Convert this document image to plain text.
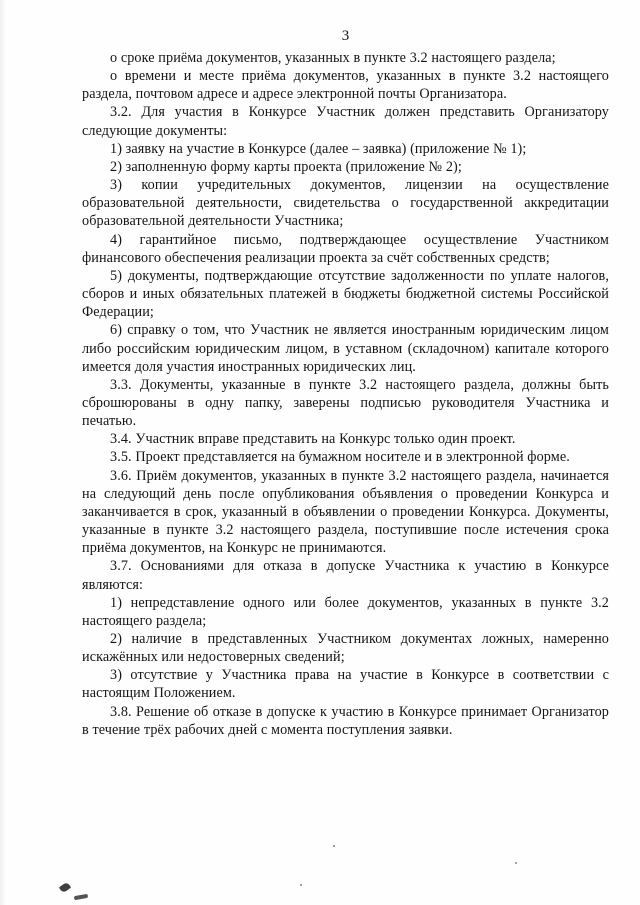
3

о сроке приёма документов, указанных в пункте 3.2 настоящего раздела;

о времени и месте приёма документов, указанных в пункте 3.2 настоящего раздела, почтовом адресе и адресе электронной почты Организатора.

3.2. Для участия в Конкурсе Участник должен представить Организатору следующие документы:

1) заявку на участие в Конкурсе (далее – заявка) (приложение № 1);

2) заполненную форму карты проекта (приложение № 2);

3) копии учредительных документов, лицензии на осуществление образовательной деятельности, свидетельства о государственной аккредитации образовательной деятельности Участника;

4) гарантийное письмо, подтверждающее осуществление Участником финансового обеспечения реализации проекта за счёт собственных средств;

5) документы, подтверждающие отсутствие задолженности по уплате налогов, сборов и иных обязательных платежей в бюджеты бюджетной системы Российской Федерации;

6) справку о том, что Участник не является иностранным юридическим лицом либо российским юридическим лицом, в уставном (складочном) капитале которого имеется доля участия иностранных юридических лиц.

3.3. Документы, указанные в пункте 3.2 настоящего раздела, должны быть сброшюрованы в одну папку, заверены подписью руководителя Участника и печатью.

3.4. Участник вправе представить на Конкурс только один проект.

3.5. Проект представляется на бумажном носителе и в электронной форме.

3.6. Приём документов, указанных в пункте 3.2 настоящего раздела, начинается на следующий день после опубликования объявления о проведении Конкурса и заканчивается в срок, указанный в объявлении о проведении Конкурса. Документы, указанные в пункте 3.2 настоящего раздела, поступившие после истечения срока приёма документов, на Конкурс не принимаются.

3.7. Основаниями для отказа в допуске Участника к участию в Конкурсе являются:

1) непредставление одного или более документов, указанных в пункте 3.2 настоящего раздела;

2) наличие в представленных Участником документах ложных, намеренно искажённых или недостоверных сведений;

3) отсутствие у Участника права на участие в Конкурсе в соответствии с настоящим Положением.

3.8. Решение об отказе в допуске к участию в Конкурсе принимает Организатор в течение трёх рабочих дней с момента поступления заявки.
